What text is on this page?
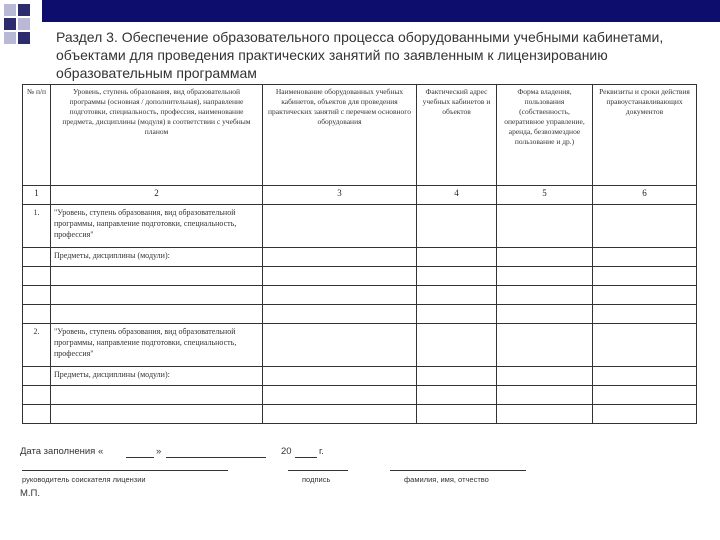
Раздел 3. Обеспечение образовательного процесса оборудованными учебными кабинетами, объектами для проведения практических занятий по заявленным к лицензированию образовательным программам
№ п/п	Уровень, ступень образования, вид образовательной программы (основная / дополнительная), направление подготовки, специальность, профессия, наименование предмета, дисциплины (модуля) в соответствии с учебным планом	Наименование оборудованных учебных кабинетов, объектов для проведения практических занятий с перечнем основного оборудования	Фактический адрес учебных кабинетов и объектов	Форма владения, пользования (собственность, оперативное управление, аренда, безвозмездное пользование и др.)	Реквизиты и сроки действия правоустанавливающих документов
1	2	3	4	5	6
1.	"Уровень, ступень образования, вид образовательной программы, направление подготовки, специальность, профессия"				
	Предметы, дисциплины (модули):				

2.	"Уровень, ступень образования, вид образовательной программы, направление подготовки, специальность, профессия"				
	Предметы, дисциплины (модули):				

Дата заполнения «	»	20	г.
руководитель соискателя лицензии	подпись	фамилия, имя, отчество
М.П.
